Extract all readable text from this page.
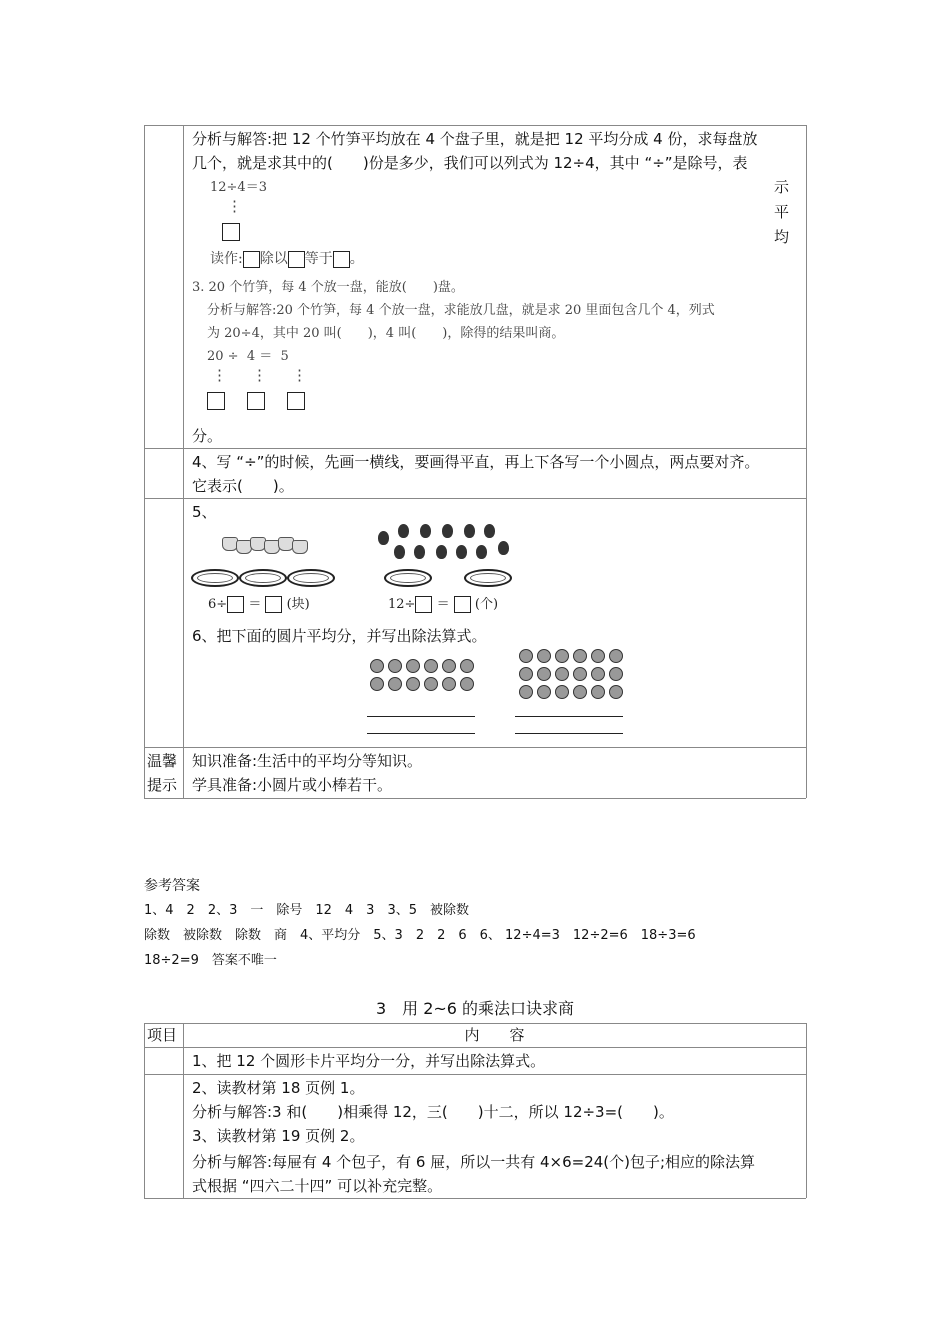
分析与解答:把 12 个竹笋平均放在 4 个盘子里，就是把 12 平均分成 4 份，求每盘放
几个，就是求其中的(　　)份是多少，我们可以列式为 12÷4，其中 “÷”是除号，表
示
平
均
12÷4＝3
⋮
读作: 除以 等于 。
3. 20 个竹笋，每 4 个放一盘，能放(　　)盘。
分析与解答:20 个竹笋，每 4 个放一盘，求能放几盘，就是求 20 里面包含几个 4，列式
为 20÷4，其中 20 叫(　　)，4 叫(　　)，除得的结果叫商。
20 ÷  4 ＝  5
⋮ ⋮ ⋮
分。
4、写 “÷”的时候，先画一横线，要画得平直，再上下各写一个小圆点，两点要对齐。
它表示(　　)。
5、
6÷ ＝ (块)	12÷ ＝ (个)
6、把下面的圆片平均分，并写出除法算式。
温馨
提示
知识准备:生活中的平均分等知识。
学具准备:小圆片或小棒若干。
参考答案
1、4　2　2、3　一　除号　12　4　3　3、5　被除数
除数　被除数　除数　商　4、平均分　5、3　2　2　6　6、 12÷4=3　12÷2=6　18÷3=6
18÷2=9　答案不唯一
3　用 2~6 的乘法口诀求商
项目	内　　容
1、把 12 个圆形卡片平均分一分，并写出除法算式。
2、读教材第 18 页例 1。
分析与解答:3 和(　　)相乘得 12，三(　　)十二，所以 12÷3=(　　)。
3、读教材第 19 页例 2。
分析与解答:每屉有 4 个包子，有 6 屉，所以一共有 4×6=24(个)包子;相应的除法算
式根据 “四六二十四” 可以补充完整。
